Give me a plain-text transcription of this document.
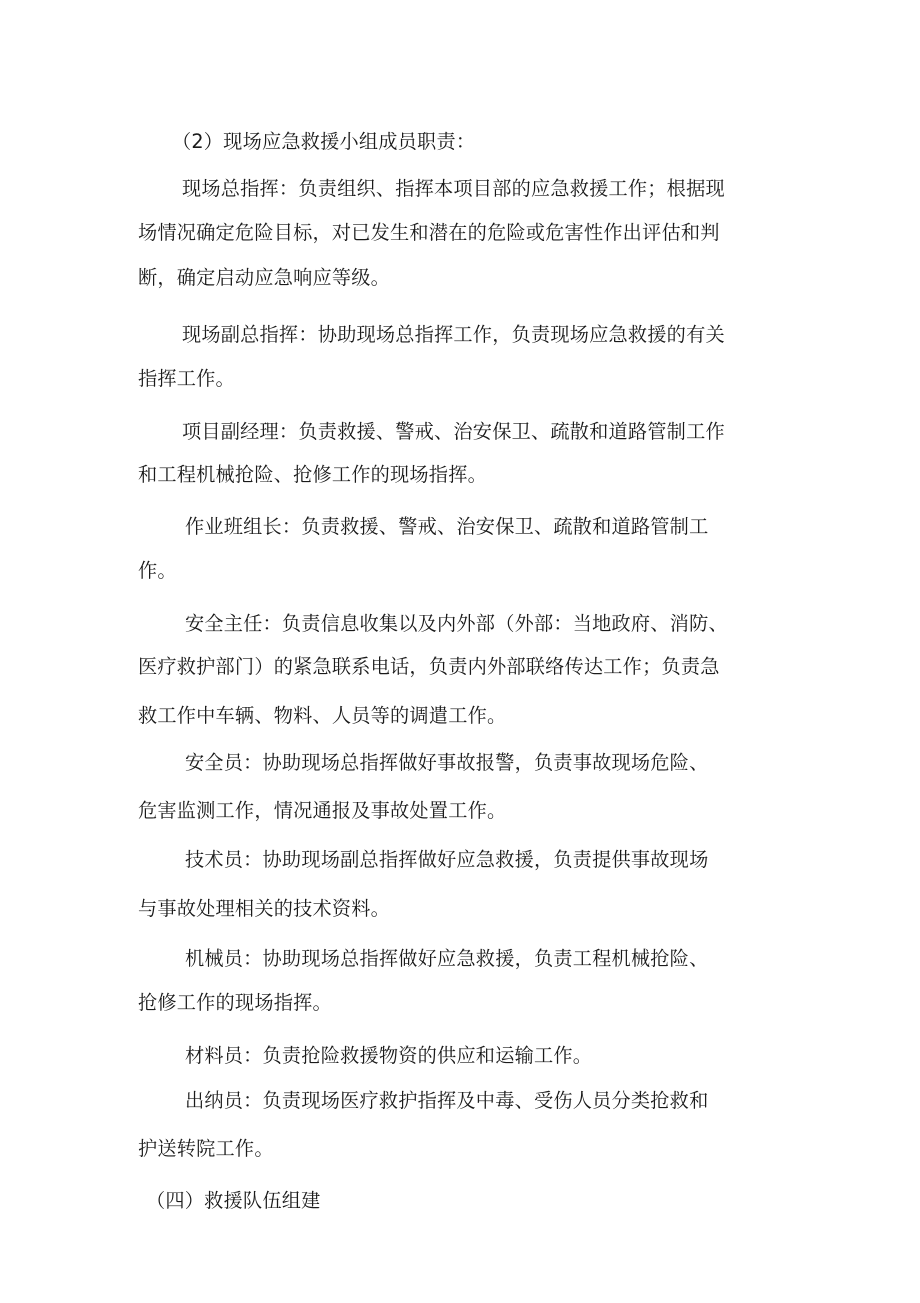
（2）现场应急救援小组成员职责：
现场总指挥：负责组织、指挥本项目部的应急救援工作；根据现
场情况确定危险目标，对已发生和潜在的危险或危害性作出评估和判
断，确定启动应急响应等级。
现场副总指挥：协助现场总指挥工作，负责现场应急救援的有关
指挥工作。
项目副经理：负责救援、警戒、治安保卫、疏散和道路管制工作
和工程机械抢险、抢修工作的现场指挥。
作业班组长：负责救援、警戒、治安保卫、疏散和道路管制工
作。
安全主任：负责信息收集以及内外部（外部：当地政府、消防、
医疗救护部门）的紧急联系电话，负责内外部联络传达工作；负责急
救工作中车辆、物料、人员等的调遣工作。
安全员：协助现场总指挥做好事故报警，负责事故现场危险、
危害监测工作，情况通报及事故处置工作。
技术员：协助现场副总指挥做好应急救援，负责提供事故现场
与事故处理相关的技术资料。
机械员：协助现场总指挥做好应急救援，负责工程机械抢险、
抢修工作的现场指挥。
材料员：负责抢险救援物资的供应和运输工作。
出纳员：负责现场医疗救护指挥及中毒、受伤人员分类抢救和
护送转院工作。
（四）救援队伍组建
